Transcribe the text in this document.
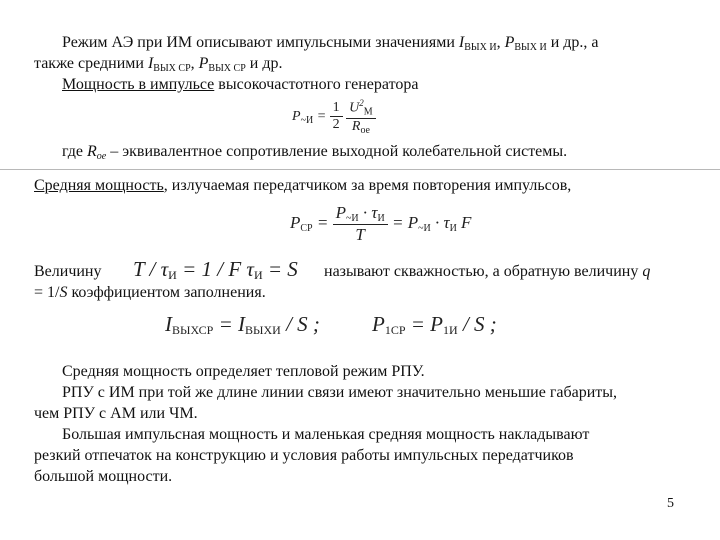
Режим АЭ при ИМ описывают импульсными значениями $I_{ВЫХ И}$, $P_{ВЫХ И}$ и др., а
также средними $I_{ВЫХ СР}$, $P_{ВЫХ СР}$ и др.
Мощность в импульсе высокочастотного генератора
$P_{\sim И} = \frac{1}{2}$
$\frac{U^2_М}{R_{oe}}$
где $R_{oe}$ – эквивалентное сопротивление выходной колебательной системы.
Средняя мощность, излучаемая передатчиком за время повторения импульсов,
$P_{СР} = \frac{P_{\sim И} \cdot \tau_И}{T} = P_{\sim И} \cdot \tau_И$ F
Величину $T / \tau_И = 1 / F$ $\tau_И = S$ называют скважностью, а обратную величину q
= 1/S коэффициентом заполнения.
$I_{ВЫХСР} = I_{ВЫХИ} / S$ ; $P_{1СР} = P_{1И} / S$ ;
Средняя мощность определяет тепловой режим РПУ.
РПУ с ИМ при той же длине линии связи имеют значительно меньшие габариты,
чем РПУ с АМ или ЧМ.
Большая импульсная мощность и маленькая средняя мощность накладывают
резкий отпечаток на конструкцию и условия работы импульсных передатчиков
большой мощности.
5
